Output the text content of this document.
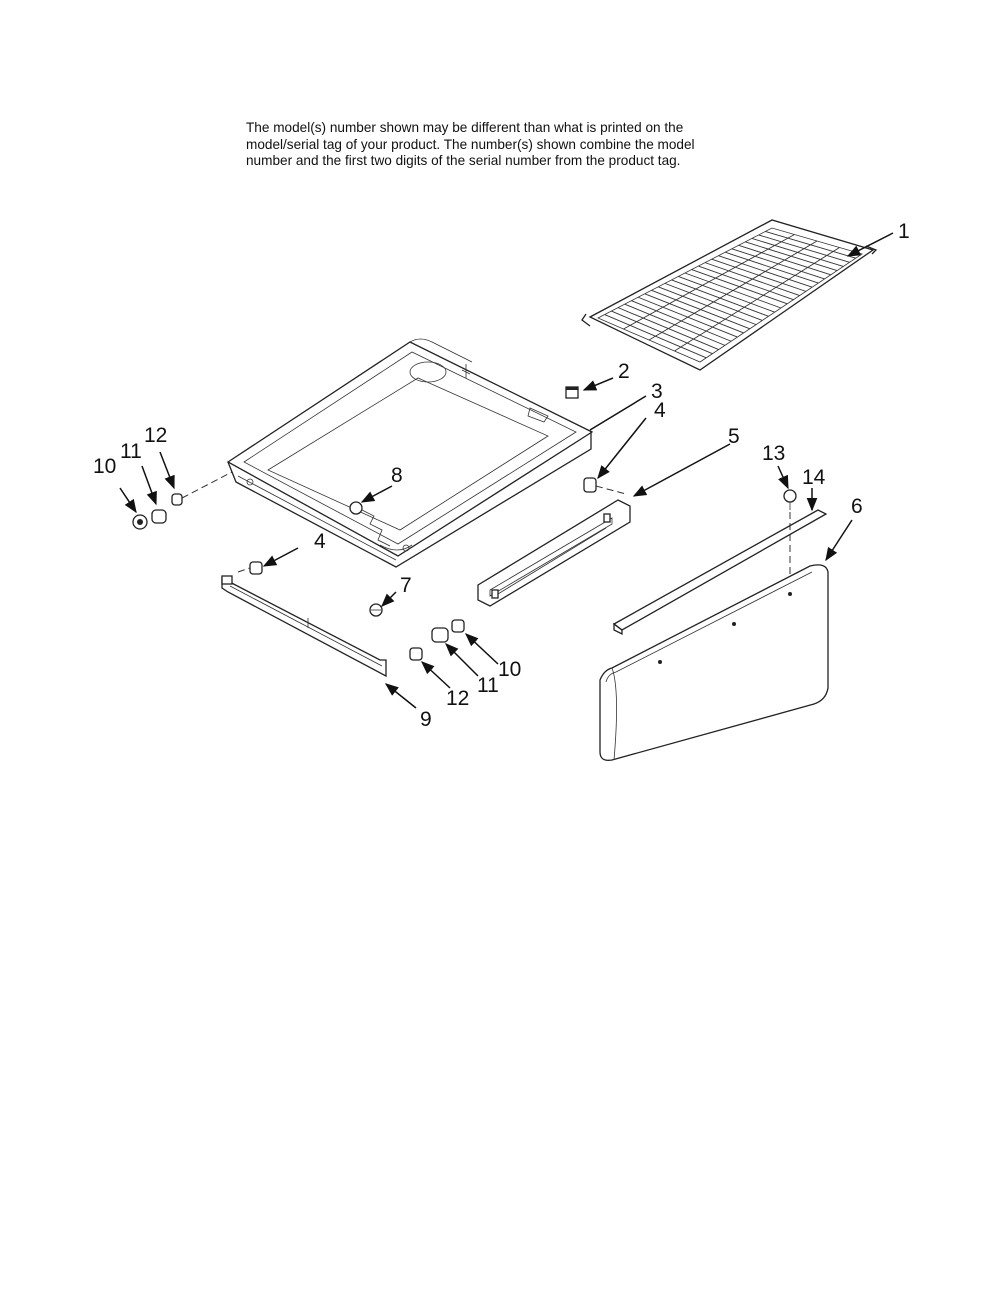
The model(s) number shown may be different than what is printed on the

model/serial tag of your product. The number(s) shown combine the model

number and the first two digits of the serial number from the product tag.

1
2
3
4
5
6
7
8
9
10
10
11
11
12
12
4
13
14
